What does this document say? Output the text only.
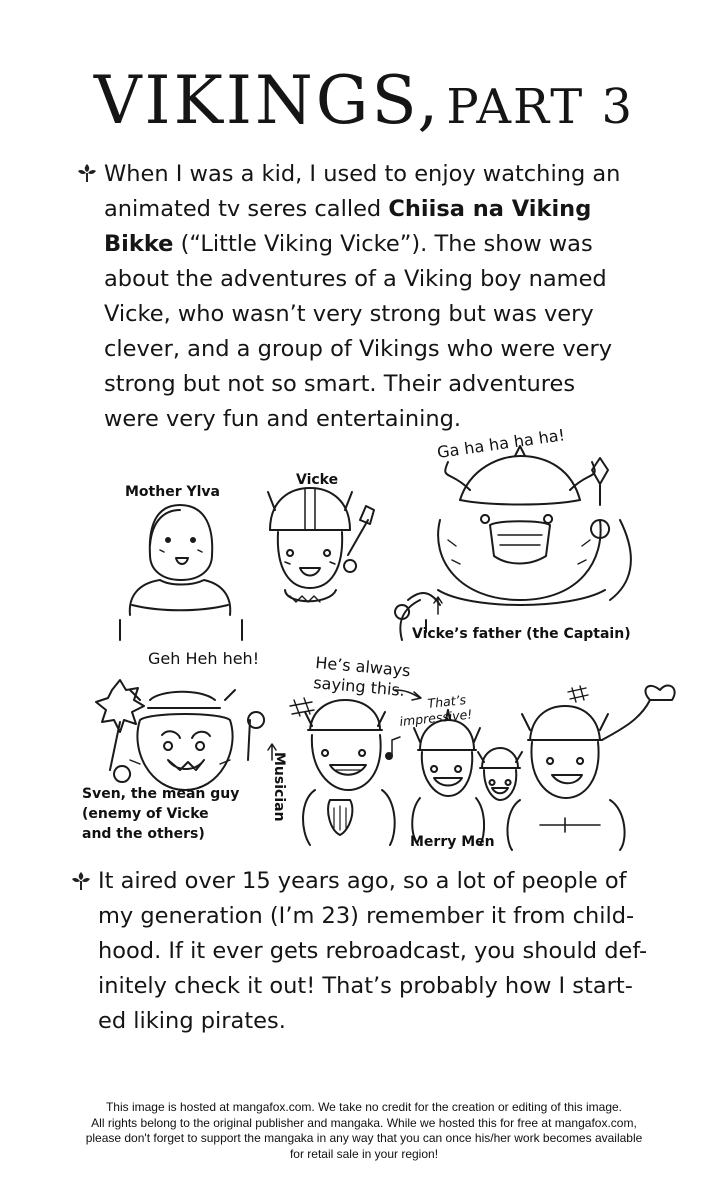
VIKINGS, PART 3
When I was a kid, I used to enjoy watching an
animated tv seres called Chiisa na Viking
Bikke (“Little Viking Vicke”). The show was
about the adventures of a Viking boy named
Vicke, who wasn’t very strong but was very
clever, and a group of Vikings who were very
strong but not so smart. Their adventures
were very fun and entertaining.
Ga ha ha ha ha!
Mother Ylva
Vicke
Vicke’s father (the Captain)
Geh Heh heh!	He’s always
saying this.
That’s
impressive!
Musician
Sven, the mean guy
(enemy of Vicke
and the others)	Merry Men
It aired over 15 years ago, so a lot of people of
my generation (I’m 23) remember it from child-
hood. If it ever gets rebroadcast, you should def-
initely check it out! That’s probably how I start-
ed liking pirates.
This image is hosted at mangafox.com. We take no credit for the creation or editing of this image.
All rights belong to the original publisher and mangaka. While we hosted this for free at mangafox.com,
please don't forget to support the mangaka in any way that you can once his/her work becomes available
for retail sale in your region!
